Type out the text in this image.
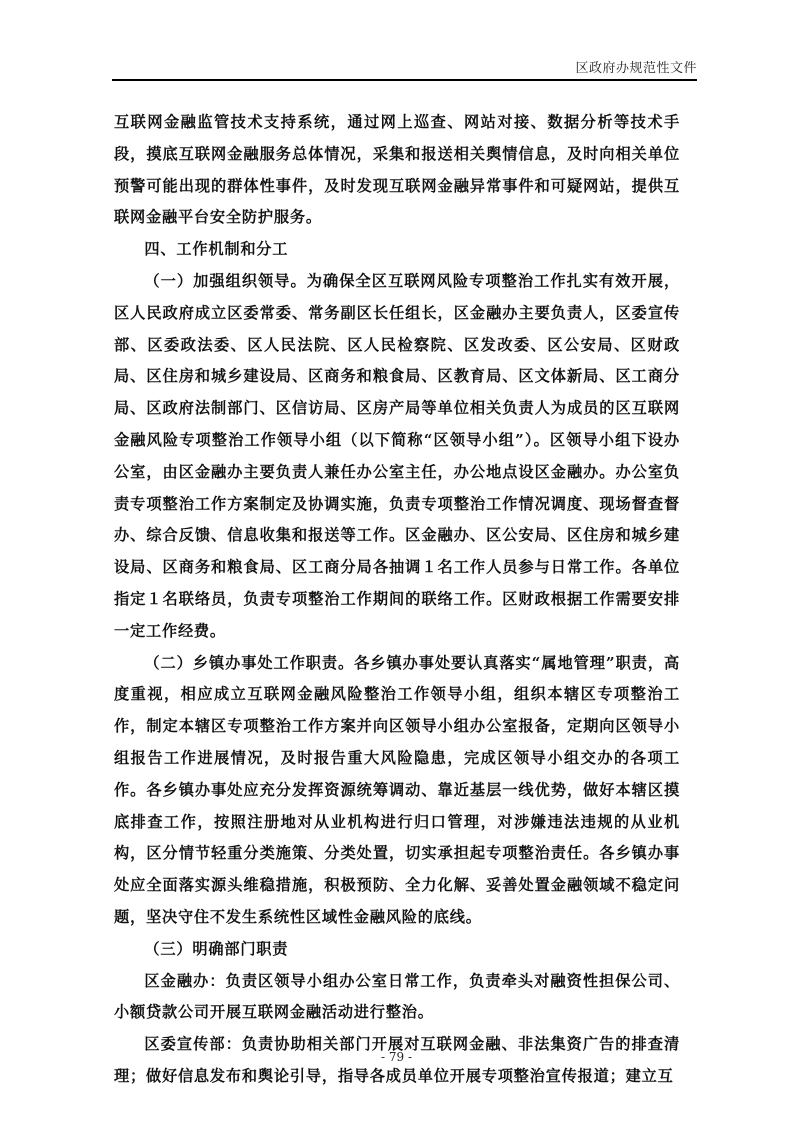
区政府办规范性文件

互联网金融监管技术支持系统，通过网上巡查、网站对接、数据分析等技术手段，摸底互联网金融服务总体情况，采集和报送相关舆情信息，及时向相关单位预警可能出现的群体性事件，及时发现互联网金融异常事件和可疑网站，提供互联网金融平台安全防护服务。

四、工作机制和分工

（一）加强组织领导。为确保全区互联网风险专项整治工作扎实有效开展，区人民政府成立区委常委、常务副区长任组长，区金融办主要负责人，区委宣传部、区委政法委、区人民法院、区人民检察院、区发改委、区公安局、区财政局、区住房和城乡建设局、区商务和粮食局、区教育局、区文体新局、区工商分局、区政府法制部门、区信访局、区房产局等单位相关负责人为成员的区互联网金融风险专项整治工作领导小组（以下简称“区领导小组”）。区领导小组下设办公室，由区金融办主要负责人兼任办公室主任，办公地点设区金融办。办公室负责专项整治工作方案制定及协调实施，负责专项整治工作情况调度、现场督查督办、综合反馈、信息收集和报送等工作。区金融办、区公安局、区住房和城乡建设局、区商务和粮食局、区工商分局各抽调１名工作人员参与日常工作。各单位指定１名联络员，负责专项整治工作期间的联络工作。区财政根据工作需要安排一定工作经费。

（二）乡镇办事处工作职责。各乡镇办事处要认真落实“属地管理”职责，高度重视，相应成立互联网金融风险整治工作领导小组，组织本辖区专项整治工作，制定本辖区专项整治工作方案并向区领导小组办公室报备，定期向区领导小组报告工作进展情况，及时报告重大风险隐患，完成区领导小组交办的各项工作。各乡镇办事处应充分发挥资源统筹调动、靠近基层一线优势，做好本辖区摸底排查工作，按照注册地对从业机构进行归口管理，对涉嫌违法违规的从业机构，区分情节轻重分类施策、分类处置，切实承担起专项整治责任。各乡镇办事处应全面落实源头维稳措施，积极预防、全力化解、妥善处置金融领域不稳定问题，坚决守住不发生系统性区域性金融风险的底线。

（三）明确部门职责

区金融办：负责区领导小组办公室日常工作，负责牵头对融资性担保公司、小额贷款公司开展互联网金融活动进行整治。

区委宣传部：负责协助相关部门开展对互联网金融、非法集资广告的排查清理；做好信息发布和舆论引导，指导各成员单位开展专项整治宣传报道；建立互

- 79 -
